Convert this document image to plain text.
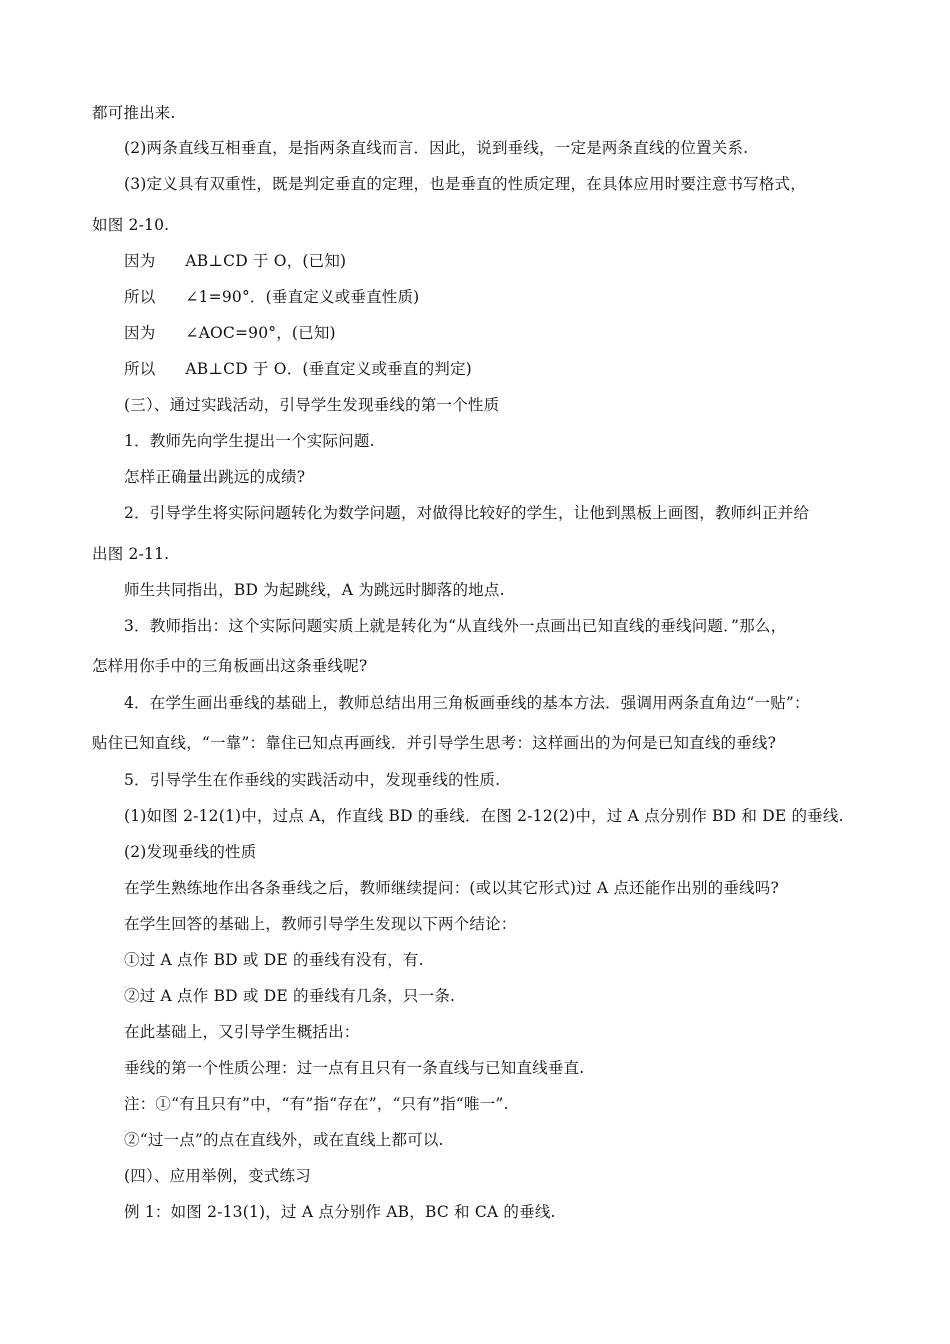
都可推出来.
(2)两条直线互相垂直，是指两条直线而言．因此，说到垂线，一定是两条直线的位置关系.
(3)定义具有双重性，既是判定垂直的定理，也是垂直的性质定理，在具体应用时要注意书写格式，
如图 2-10.
因为 AB⊥CD 于 O，(已知)
所以 ∠1=90°．(垂直定义或垂直性质)
因为 ∠AOC=90°，(已知)
所以 AB⊥CD 于 O．(垂直定义或垂直的判定)
(三）、通过实践活动，引导学生发现垂线的第一个性质
1．教师先向学生提出一个实际问题.
怎样正确量出跳远的成绩?
2．引导学生将实际问题转化为数学问题，对做得比较好的学生，让他到黑板上画图，教师纠正并给
出图 2-11.
师生共同指出，BD 为起跳线，A 为跳远时脚落的地点.
3．教师指出：这个实际问题实质上就是转化为“从直线外一点画出已知直线的垂线问题．”那么，
怎样用你手中的三角板画出这条垂线呢?
4．在学生画出垂线的基础上，教师总结出用三角板画垂线的基本方法．强调用两条直角边“一贴”：
贴住已知直线，“一靠”：靠住已知点再画线．并引导学生思考：这样画出的为何是已知直线的垂线?
5．引导学生在作垂线的实践活动中，发现垂线的性质.
(1)如图 2-12(1)中，过点 A，作直线 BD 的垂线．在图 2-12(2)中，过 A 点分别作 BD 和 DE 的垂线.
(2)发现垂线的性质
在学生熟练地作出各条垂线之后，教师继续提问：(或以其它形式)过 A 点还能作出别的垂线吗?
在学生回答的基础上，教师引导学生发现以下两个结论：
①过 A 点作 BD 或 DE 的垂线有没有，有.
②过 A 点作 BD 或 DE 的垂线有几条，只一条.
在此基础上，又引导学生概括出：
垂线的第一个性质公理：过一点有且只有一条直线与已知直线垂直.
注：①“有且只有”中，“有”指“存在”，“只有”指“唯一”.
②“过一点”的点在直线外，或在直线上都可以.
(四）、应用举例，变式练习
例 1：如图 2-13(1)，过 A 点分别作 AB，BC 和 CA 的垂线.
